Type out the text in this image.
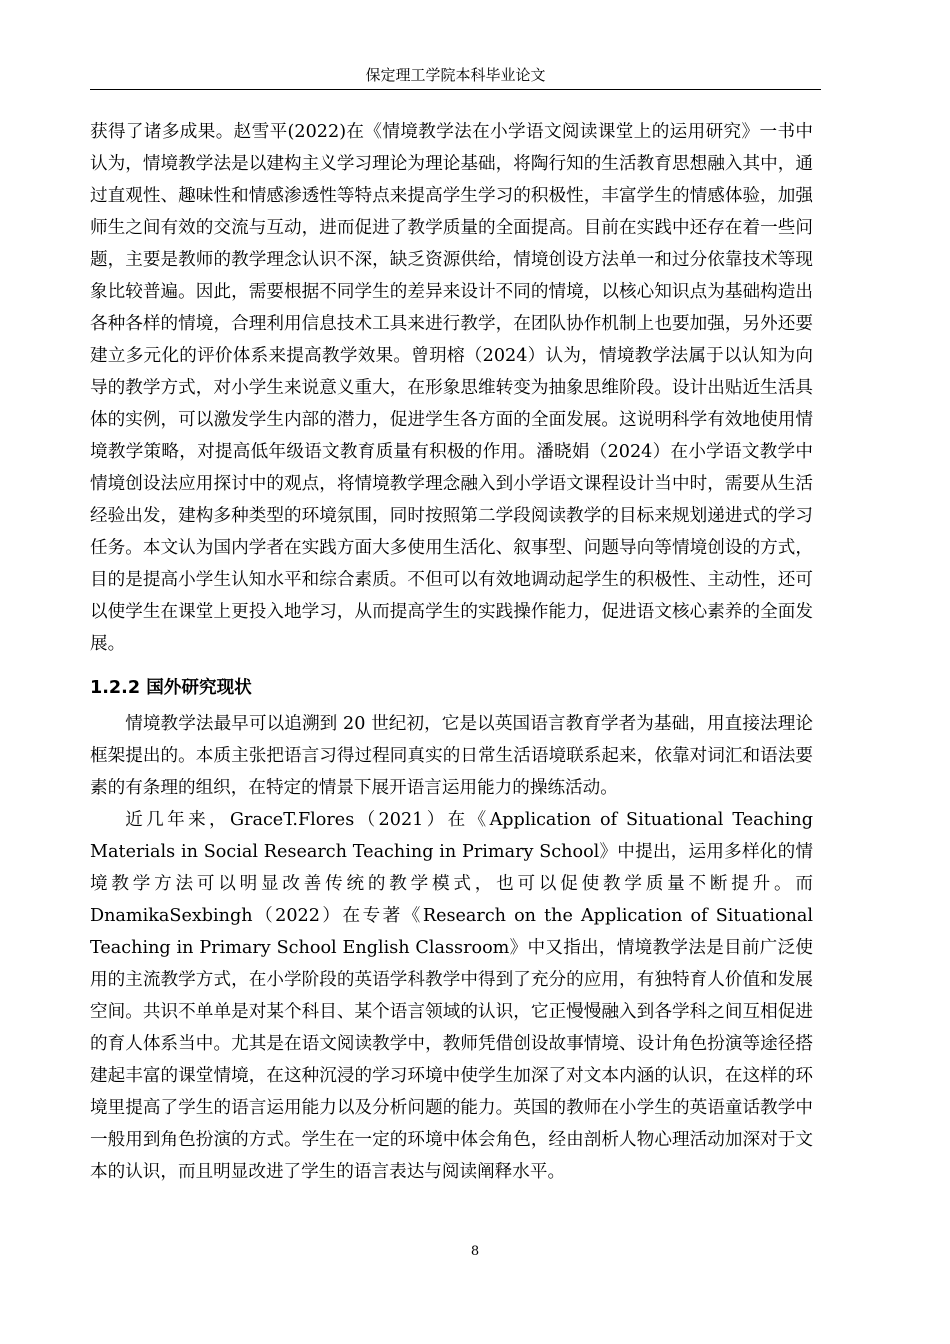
保定理工学院本科毕业论文

获得了诸多成果。赵雪平(2022)在《情境教学法在小学语文阅读课堂上的运用研究》一书中认为，情境教学法是以建构主义学习理论为理论基础，将陶行知的生活教育思想融入其中，通过直观性、趣味性和情感渗透性等特点来提高学生学习的积极性，丰富学生的情感体验，加强师生之间有效的交流与互动，进而促进了教学质量的全面提高。目前在实践中还存在着一些问题，主要是教师的教学理念认识不深，缺乏资源供给，情境创设方法单一和过分依靠技术等现象比较普遍。因此，需要根据不同学生的差异来设计不同的情境，以核心知识点为基础构造出各种各样的情境，合理利用信息技术工具来进行教学，在团队协作机制上也要加强，另外还要建立多元化的评价体系来提高教学效果。曾玥榕（2024）认为，情境教学法属于以认知为向导的教学方式，对小学生来说意义重大，在形象思维转变为抽象思维阶段。设计出贴近生活具体的实例，可以激发学生内部的潜力，促进学生各方面的全面发展。这说明科学有效地使用情境教学策略，对提高低年级语文教育质量有积极的作用。潘晓娟（2024）在小学语文教学中情境创设法应用探讨中的观点，将情境教学理念融入到小学语文课程设计当中时，需要从生活经验出发，建构多种类型的环境氛围，同时按照第二学段阅读教学的目标来规划递进式的学习任务。本文认为国内学者在实践方面大多使用生活化、叙事型、问题导向等情境创设的方式，目的是提高小学生认知水平和综合素质。不但可以有效地调动起学生的积极性、主动性，还可以使学生在课堂上更投入地学习，从而提高学生的实践操作能力，促进语文核心素养的全面发展。

1.2.2 国外研究现状

情境教学法最早可以追溯到 20 世纪初，它是以英国语言教育学者为基础，用直接法理论框架提出的。本质主张把语言习得过程同真实的日常生活语境联系起来，依靠对词汇和语法要素的有条理的组织，在特定的情景下展开语言运用能力的操练活动。

近几年来，GraceT.Flores（2021）在《Application of Situational Teaching Materials in Social Research Teaching in Primary School》中提出，运用多样化的情境教学方法可以明显改善传统的教学模式，也可以促使教学质量不断提升。而 DnamikaSexbingh（2022）在专著《Research on the Application of Situational Teaching in Primary School English Classroom》中又指出，情境教学法是目前广泛使用的主流教学方式，在小学阶段的英语学科教学中得到了充分的应用，有独特育人价值和发展空间。共识不单单是对某个科目、某个语言领域的认识，它正慢慢融入到各学科之间互相促进的育人体系当中。尤其是在语文阅读教学中，教师凭借创设故事情境、设计角色扮演等途径搭建起丰富的课堂情境，在这种沉浸的学习环境中使学生加深了对文本内涵的认识，在这样的环境里提高了学生的语言运用能力以及分析问题的能力。英国的教师在小学生的英语童话教学中一般用到角色扮演的方式。学生在一定的环境中体会角色，经由剖析人物心理活动加深对于文本的认识，而且明显改进了学生的语言表达与阅读阐释水平。

8
